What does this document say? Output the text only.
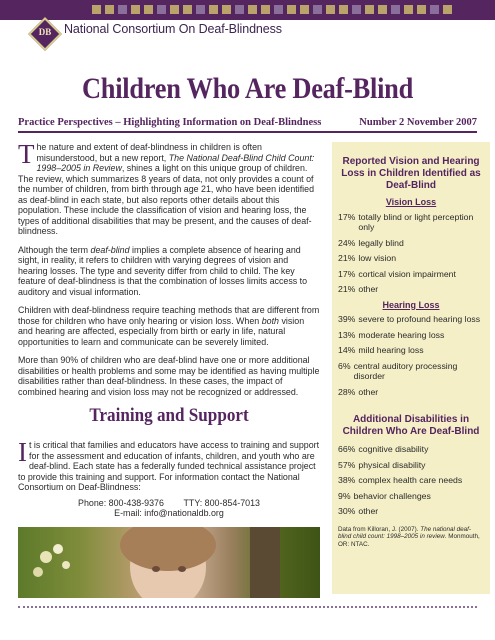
DB	National Consortium On Deaf-Blindness
Children Who Are Deaf-Blind
Practice Perspectives – Highlighting Information on Deaf-Blindness	Number 2 November 2007

The nature and extent of deaf-blindness in children is often misunderstood, but a new report, The National Deaf-Blind Child Count: 1998–2005 in Review, shines a light on this unique group of children. The review, which summarizes 8 years of data, not only provides a count of the number of children, from birth through age 21, who have been identified as deaf-blind in each state, but also reports other details about this population. These include the classification of vision and hearing loss, the types of additional disabilities that may be present, and the causes of deaf-blindness.

Although the term deaf-blind implies a complete absence of hearing and sight, in reality, it refers to children with varying degrees of vision and hearing losses. The type and severity differ from child to child. The key feature of deaf-blindness is that the combination of losses limits access to auditory and visual information.

Children with deaf-blindness require teaching methods that are different from those for children who have only hearing or vision loss. When both vision and hearing are affected, especially from birth or early in life, natural opportunities to learn and communicate can be severely limited.

More than 90% of children who are deaf-blind have one or more additional disabilities or health problems and some may be identified as having multiple disabilities rather than deaf-blindness. In these cases, the impact of combined hearing and vision loss may not be recognized or addressed.

Training and Support

It is critical that families and educators have access to training and support for the assessment and education of infants, children, and youth who are deaf-blind. Each state has a federally funded technical assistance project to provide this training and support. For information contact the National Consortium on Deaf-Blindness:

Phone: 800-438-9376        TTY: 800-854-7013
E-mail: info@nationaldb.org
Reported Vision and Hearing Loss in Children Identified as Deaf-Blind
Vision Loss
17% totally blind or light perception only
24% legally blind
21% low vision
17% cortical vision impairment
21% other
Hearing Loss
39% severe to profound hearing loss
13% moderate hearing loss
14% mild hearing loss
6% central auditory processing disorder
28% other
Additional Disabilities in Children Who Are Deaf-Blind
66% cognitive disability
57% physical disability
38% complex health care needs
9% behavior challenges
30% other
Data from Killoran, J. (2007). The national deaf-blind child count: 1998–2005 in review. Monmouth, OR: NTAC.
